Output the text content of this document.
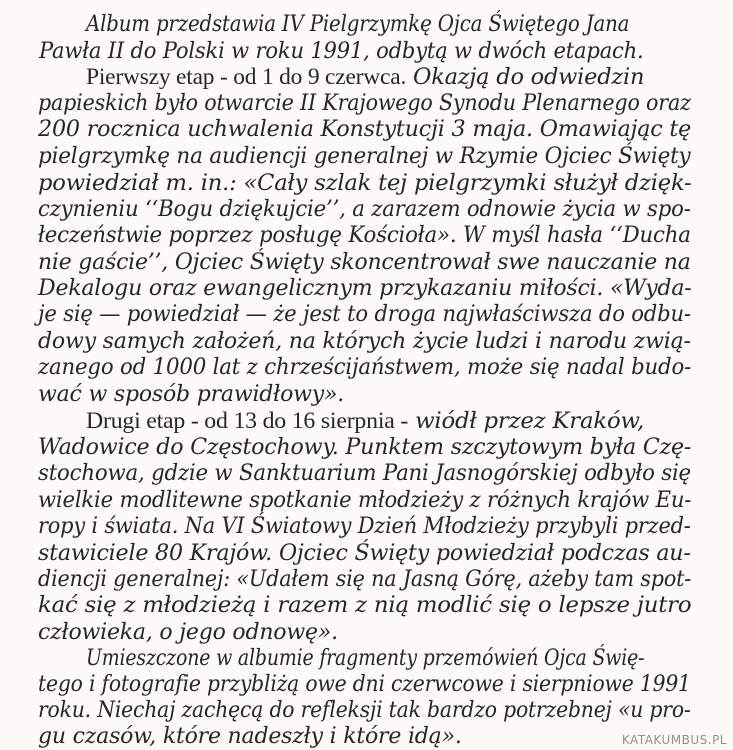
Album przedstawia IV Pielgrzymkę Ojca Świętego Jana
Pawła II do Polski w roku 1991, odbytą w dwóch etapach.
Pierwszy etap - od 1 do 9 czerwca. Okazją do odwiedzin
papieskich było otwarcie II Krajowego Synodu Plenarnego oraz
200 rocznica uchwalenia Konstytucji 3 maja. Omawiając tę
pielgrzymkę na audiencji generalnej w Rzymie Ojciec Święty
powiedział m. in.: «Cały szlak tej pielgrzymki służył dzięk-
czynieniu ‘‘Bogu dziękujcie’’, a zarazem odnowie życia w spo-
łeczeństwie poprzez posługę Kościoła». W myśl hasła ‘‘Ducha
nie gaście’’, Ojciec Święty skoncentrował swe nauczanie na
Dekalogu oraz ewangelicznym przykazaniu miłości. «Wyda-
je się — powiedział — że jest to droga najwłaściwsza do odbu-
dowy samych założeń, na których życie ludzi i narodu zwią-
zanego od 1000 lat z chrześcijaństwem, może się nadal budo-
wać w sposób prawidłowy».
Drugi etap - od 13 do 16 sierpnia - wiódł przez Kraków,
Wadowice do Częstochowy. Punktem szczytowym była Czę-
stochowa, gdzie w Sanktuarium Pani Jasnogórskiej odbyło się
wielkie modlitewne spotkanie młodzieży z różnych krajów Eu-
ropy i świata. Na VI Światowy Dzień Młodzieży przybyli przed-
stawiciele 80 Krajów. Ojciec Święty powiedział podczas au-
diencji generalnej: «Udałem się na Jasną Górę, ażeby tam spot-
kać się z młodzieżą i razem z nią modlić się o lepsze jutro
człowieka, o jego odnowę».
Umieszczone w albumie fragmenty przemówień Ojca Świę-
tego i fotografie przybliżą owe dni czerwcowe i sierpniowe 1991
roku. Niechaj zachęcą do refleksji tak bardzo potrzebnej «u pro-
gu czasów, które nadeszły i które idą».	KATAKUMBUS.PL
